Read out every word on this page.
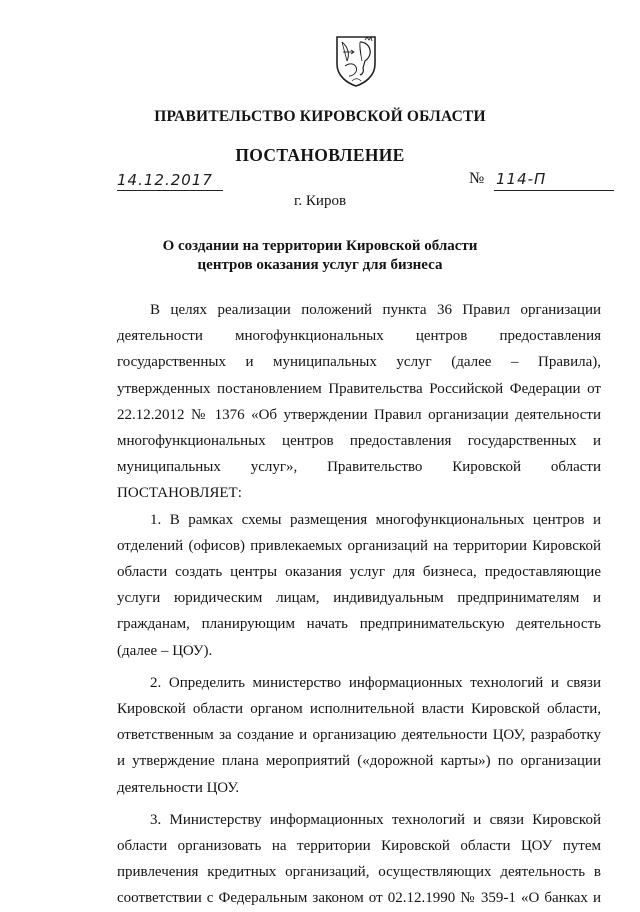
ПРАВИТЕЛЬСТВО КИРОВСКОЙ ОБЛАСТИ
ПОСТАНОВЛЕНИЕ
14.12.2017	№ 114-П
г. Киров
О создании на территории Кировской области
центров оказания услуг для бизнеса

В целях реализации положений пункта 36 Правил организации деятельности многофункциональных центров предоставления государственных и муниципальных услуг (далее – Правила), утвержденных постановлением Правительства Российской Федерации от 22.12.2012 № 1376 «Об утверждении Правил организации деятельности многофункциональных центров предоставления государственных и муниципальных услуг», Правительство Кировской области ПОСТАНОВЛЯЕТ:

1. В рамках схемы размещения многофункциональных центров и отделений (офисов) привлекаемых организаций на территории Кировской области создать центры оказания услуг для бизнеса, предоставляющие услуги юридическим лицам, индивидуальным предпринимателям и гражданам, планирующим начать предпринимательскую деятельность (далее – ЦОУ).

2. Определить министерство информационных технологий и связи Кировской области органом исполнительной власти Кировской области, ответственным за создание и организацию деятельности ЦОУ, разработку и утверждение плана мероприятий («дорожной карты») по организации деятельности ЦОУ.

3. Министерству информационных технологий и связи Кировской области организовать на территории Кировской области ЦОУ путем привлечения кредитных организаций, осуществляющих деятельность в соответствии с Федеральным законом от 02.12.1990 № 359-1 «О банках и
